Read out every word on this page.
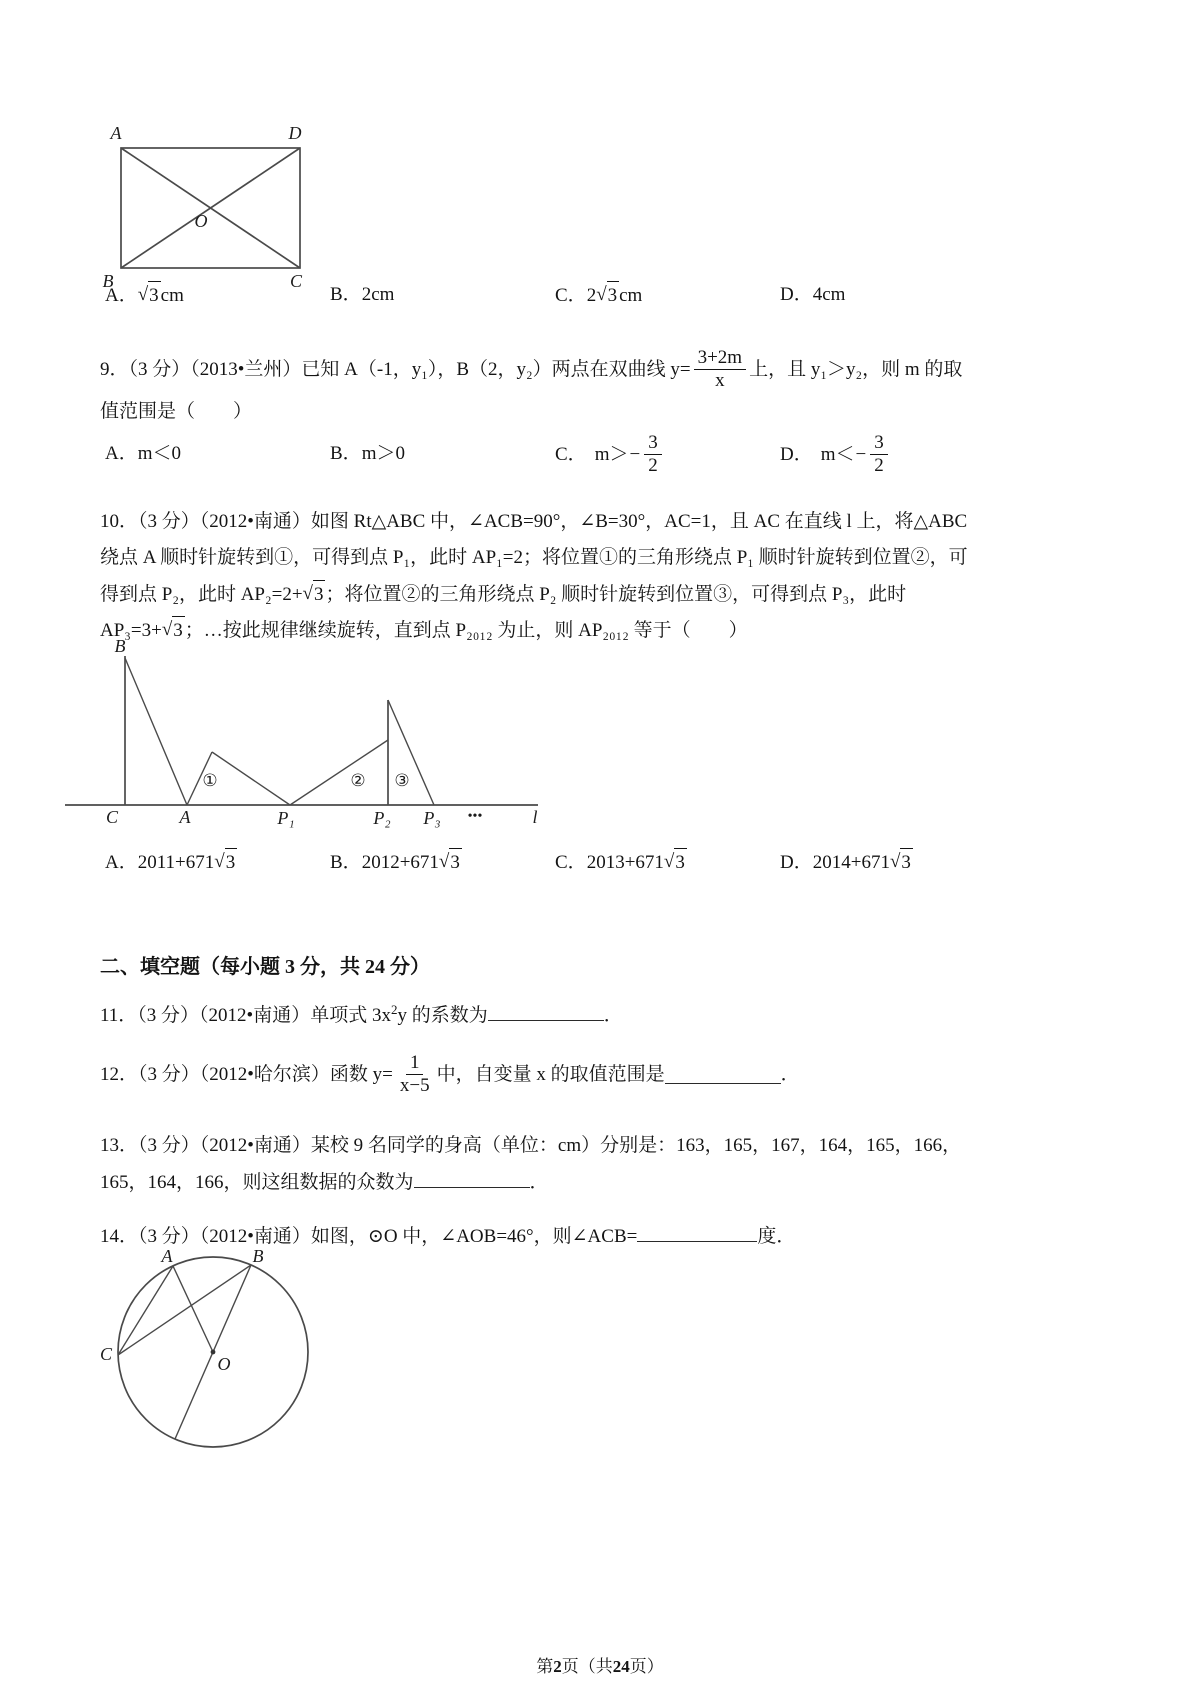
A	D
B	C
O
A．√3 cm	B．2cm	C．2√3 cm	D．4cm
9．（3 分）（2013•兰州）已知 A（-1，y₁），B（2，y₂）两点在双曲线 $y= \frac{3+2m}{x}$ 上，且 y₁＞y₂，则 m 的取
值范围是（　　）
A．m＜0	B．m＞0	C． $m> - \frac{3}{2}$	D． $m< - \frac{3}{2}$
10．（3 分）（2012•南通）如图 Rt△ABC 中，∠ACB=90°，∠B=30°，AC=1，且 AC 在直线 l 上，将△ABC
绕点 A 顺时针旋转到①，可得到点 P₁，此时 AP₁=2；将位置①的三角形绕点 P₁ 顺时针旋转到位置②，可
得到点 P₂，此时 AP₂=2+√3 ；将位置②的三角形绕点 P₂ 顺时针旋转到位置③，可得到点 P₃，此时
AP₃=3+√3 ；…按此规律继续旋转，直到点 P₂₀₁₂ 为止，则 AP₂₀₁₂ 等于（　　）
B
C	A	P₁	P₂ P₃ •••	l
①	② ③
A．2011+671√3	B．2012+671√3	C．2013+671√3	D．2014+671√3
二、填空题（每小题 3 分，共 24 分）
11．（3 分）（2012•南通）单项式 $3x^2y$ 的系数为	．
12．（3 分）（2012•哈尔滨）函数 $y= \frac{1}{x-5}$ 中，自变量 x 的取值范围是	．
13．（3 分）（2012•南通）某校 9 名同学的身高（单位：cm）分别是：163，165，167，164，165，166，
165，164，166，则这组数据的众数为	．
14．（3 分）（2012•南通）如图，⊙O 中，∠AOB=46°，则∠ACB=	度．
A	B
C	O
第2页（共24页）
